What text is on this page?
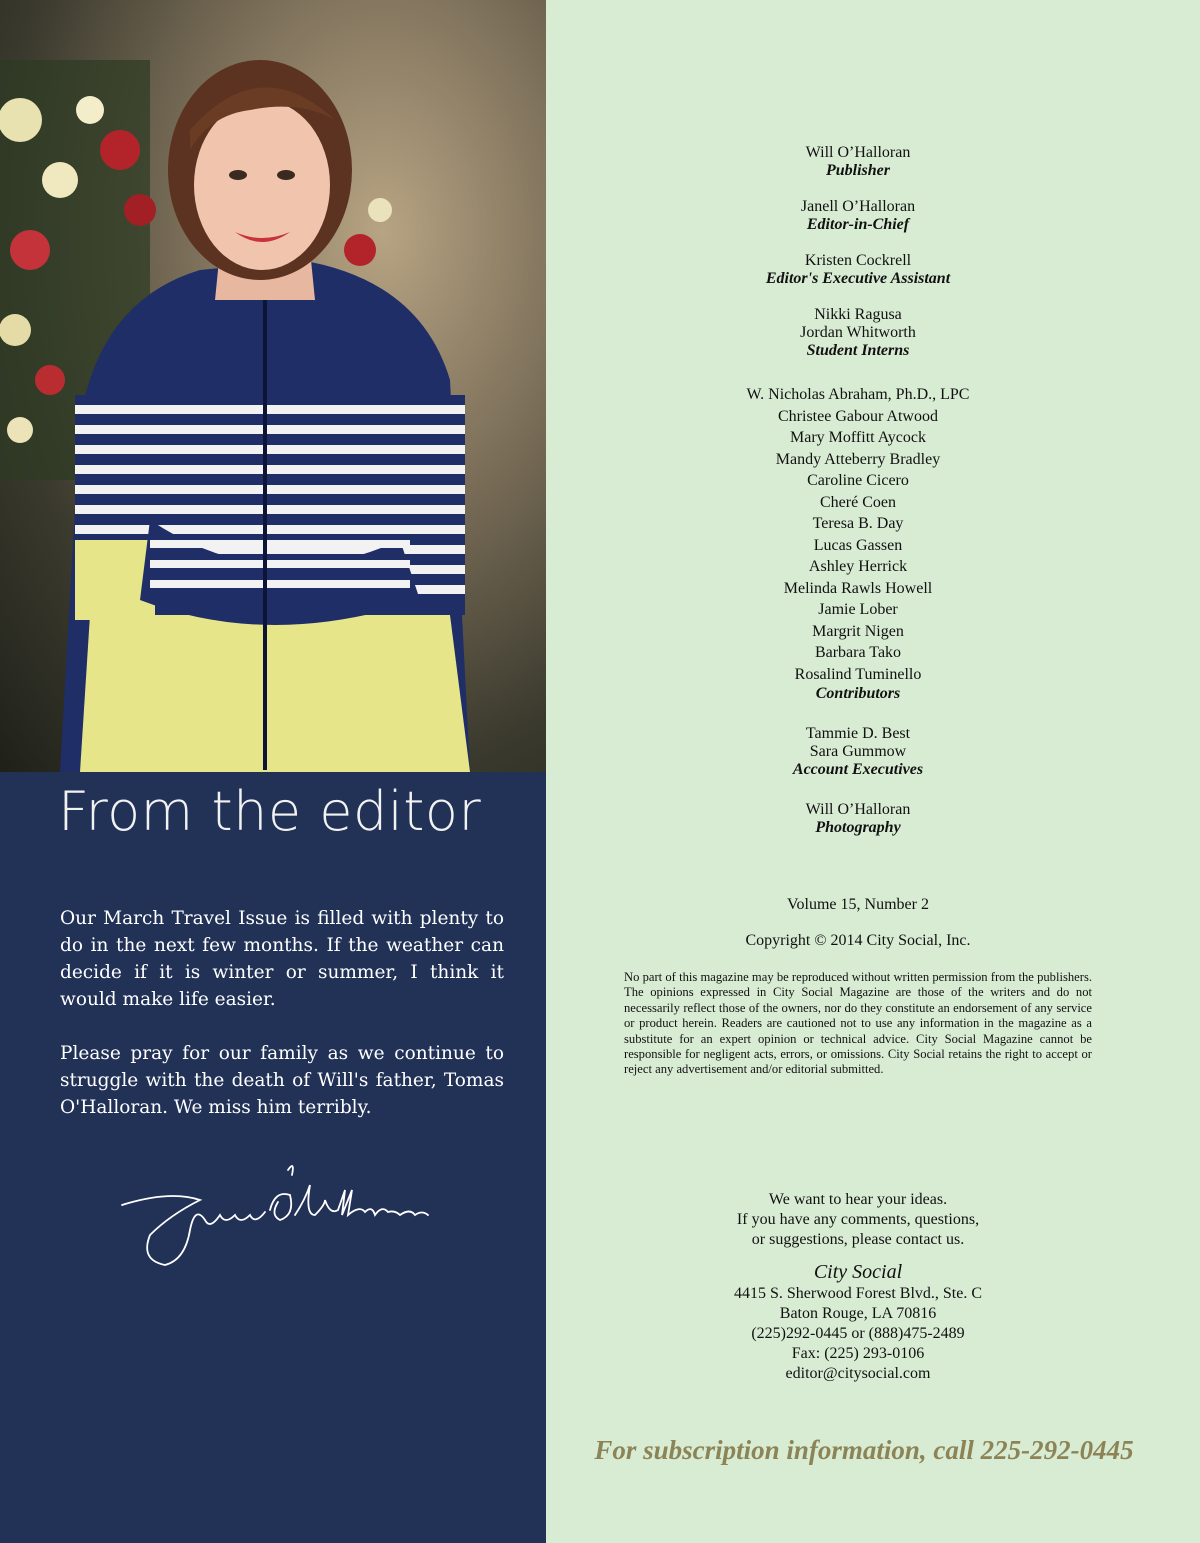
From the editor

Our March Travel Issue is filled with plenty to do in the next few months. If the weather can decide if it is winter or summer, I think it would make life easier.

Please pray for our family as we continue to struggle with the death of Will's father, Tomas O'Halloran. We miss him terribly.

Will O’Halloran
Publisher
Janell O’Halloran
Editor-in-Chief
Kristen Cockrell
Editor's Executive Assistant
Nikki Ragusa
Jordan Whitworth
Student Interns
W. Nicholas Abraham, Ph.D., LPC
Christee Gabour Atwood
Mary Moffitt Aycock
Mandy Atteberry Bradley
Caroline Cicero
Cheré Coen
Teresa B. Day
Lucas Gassen
Ashley Herrick
Melinda Rawls Howell
Jamie Lober
Margrit Nigen
Barbara Tako
Rosalind Tuminello
Contributors
Tammie D. Best
Sara Gummow
Account Executives
Will O’Halloran
Photography
Volume 15, Number 2
Copyright © 2014 City Social, Inc.
No part of this magazine may be reproduced without written permission from the publishers. The opinions expressed in City Social Magazine are those of the writers and do not necessarily reflect those of the owners, nor do they constitute an endorsement of any service or product herein. Readers are cautioned not to use any information in the magazine as a substitute for an expert opinion or technical advice. City Social Magazine cannot be responsible for negligent acts, errors, or omissions. City Social retains the right to accept or reject any advertisement and/or editorial submitted.
We want to hear your ideas.
If you have any comments, questions,
or suggestions, please contact us.
City Social
4415 S. Sherwood Forest Blvd., Ste. C
Baton Rouge, LA 70816
(225)292-0445 or (888)475-2489
Fax: (225) 293-0106
editor@citysocial.com
For subscription information, call 225-292-0445
